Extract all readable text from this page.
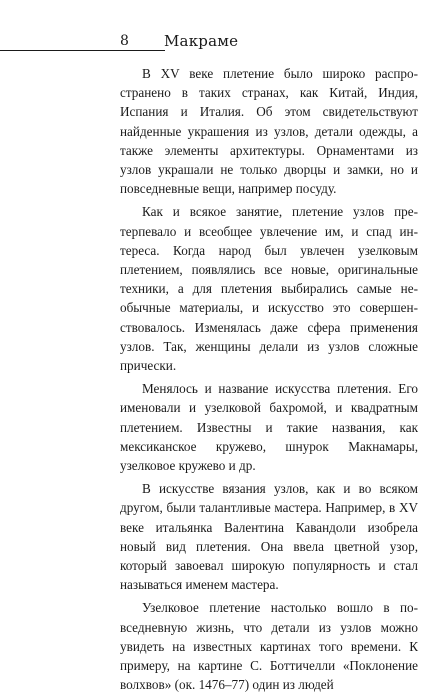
8 Макраме

В XV веке плетение было широко распространено в таких странах, как Китай, Индия, Испания и Италия. Об этом свидетельствуют найденные украшения из узлов, детали одежды, а также элементы архитектуры. Орнаментами из узлов украшали не только дворцы и замки, но и повседневные вещи, например посуду.

Как и всякое занятие, плетение узлов претерпевало и всеобщее увлечение им, и спад интереса. Когда народ был увлечен узелковым плетением, появлялись все новые, оригинальные техники, а для плетения выбирались самые необычные материалы, и искусство это совершенствовалось. Изменялась даже сфера применения узлов. Так, женщины делали из узлов сложные прически.

Менялось и название искусства плетения. Его именовали и узелковой бахромой, и квадратным плетением. Известны и такие названия, как мексиканское кружево, шнурок Макнамары, узелковое кружево и др.

В искусстве вязания узлов, как и во всяком другом, были талантливые мастера. Например, в XV веке итальянка Валентина Кавандоли изобрела новый вид плетения. Она ввела цветной узор, который завоевал широкую популярность и стал называться именем мастера.

Узелковое плетение настолько вошло в повседневную жизнь, что детали из узлов можно увидеть на известных картинах того времени. К примеру, на картине С. Боттичелли «Поклонение волхвов» (ок. 1476–77) один из людей
